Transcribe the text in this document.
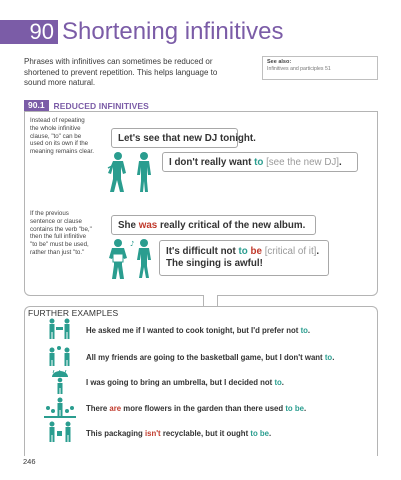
90 Shortening infinitives
Phrases with infinitives can sometimes be reduced or shortened to prevent repetition. This helps language to sound more natural.
See also:
Infinitives and participles 51
90.1	REDUCED INFINITIVES
Instead of repeating the whole infinitive clause, "to" can be used on its own if the meaning remains clear.
If the previous sentence or clause contains the verb "be," then the full infinitive "to be" must be used, rather than just "to."
♪
Let's see that new DJ tonight.
I don't really want to [see the new DJ].
She was really critical of the new album.
It's difficult not to be [critical of it].
The singing is awful!
FURTHER EXAMPLES
He asked me if I wanted to cook tonight, but I'd prefer not to.
All my friends are going to the basketball game, but I don't want to.
I was going to bring an umbrella, but I decided not to.
There are more flowers in the garden than there used to be.
This packaging isn't recyclable, but it ought to be.
246
